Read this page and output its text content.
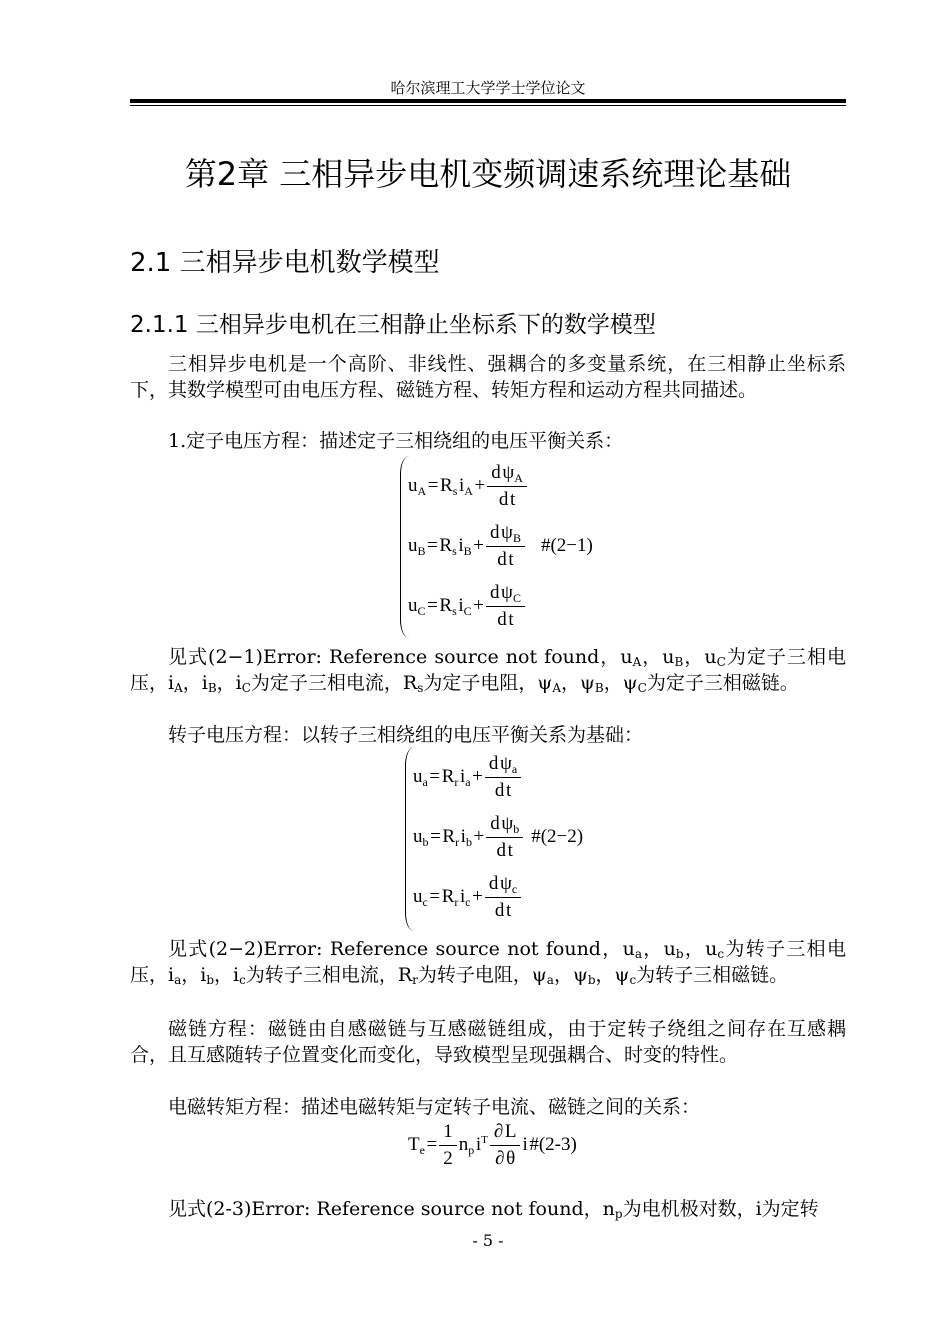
哈尔滨理工大学学士学位论文
第2章 三相异步电机变频调速系统理论基础
2.1 三相异步电机数学模型
2.1.1 三相异步电机在三相静止坐标系下的数学模型

三相异步电机是一个高阶、非线性、强耦合的多变量系统，在三相静止坐标系下，其数学模型可由电压方程、磁链方程、转矩方程和运动方程共同描述。

1.定子电压方程：描述定子三相绕组的电压平衡关系：

$u_A$ = $R_s$ $i_A$ + $\frac{d \psi_A}{\text{d t}}$
$u_B$ = $R_s$ $i_B$ + $\frac{d \psi_B}{\text{d t}}$ #(2−1)
$u_C$ = $R_s$ $i_C$ + $\frac{d \psi_C}{\text{d t}}$

见式(2−1)Error: Reference source not found，$u_A$，$u_B$，$u_C$为定子三相电压，$i_A$，$i_B$，$i_C$为定子三相电流，$R_s$为定子电阻，$\psi_A$，$\psi_B$，$\psi_C$为定子三相磁链。

转子电压方程：以转子三相绕组的电压平衡关系为基础：

$u_a$ = $R_r$ $i_a$ + $\frac{d \psi_a}{\text{d t}}$
$u_b$ = $R_r$ $i_b$ + $\frac{d \psi_b}{\text{d t}}$ #(2−2)
$u_c$ = $R_r$ $i_c$ + $\frac{d \psi_c}{\text{d t}}$

见式(2−2)Error: Reference source not found，$u_a$，$u_b$，$u_c$为转子三相电压，$i_a$，$i_b$，$i_c$为转子三相电流，$R_r$为转子电阻，$\psi_a$，$\psi_b$，$\psi_c$为转子三相磁链。

磁链方程：磁链由自感磁链与互感磁链组成，由于定转子绕组之间存在互感耦合，且互感随转子位置变化而变化，导致模型呈现强耦合、时变的特性。

电磁转矩方程：描述电磁转矩与定转子电流、磁链之间的关系：

$T_e$ = $\frac{1}{2} n_p$ $i^T \frac{\partial L}{\partial \theta}$ i  #(2-3)

见式(2-3)Error: Reference source not found，$n_p$为电机极对数，i为定转

- 5 -
